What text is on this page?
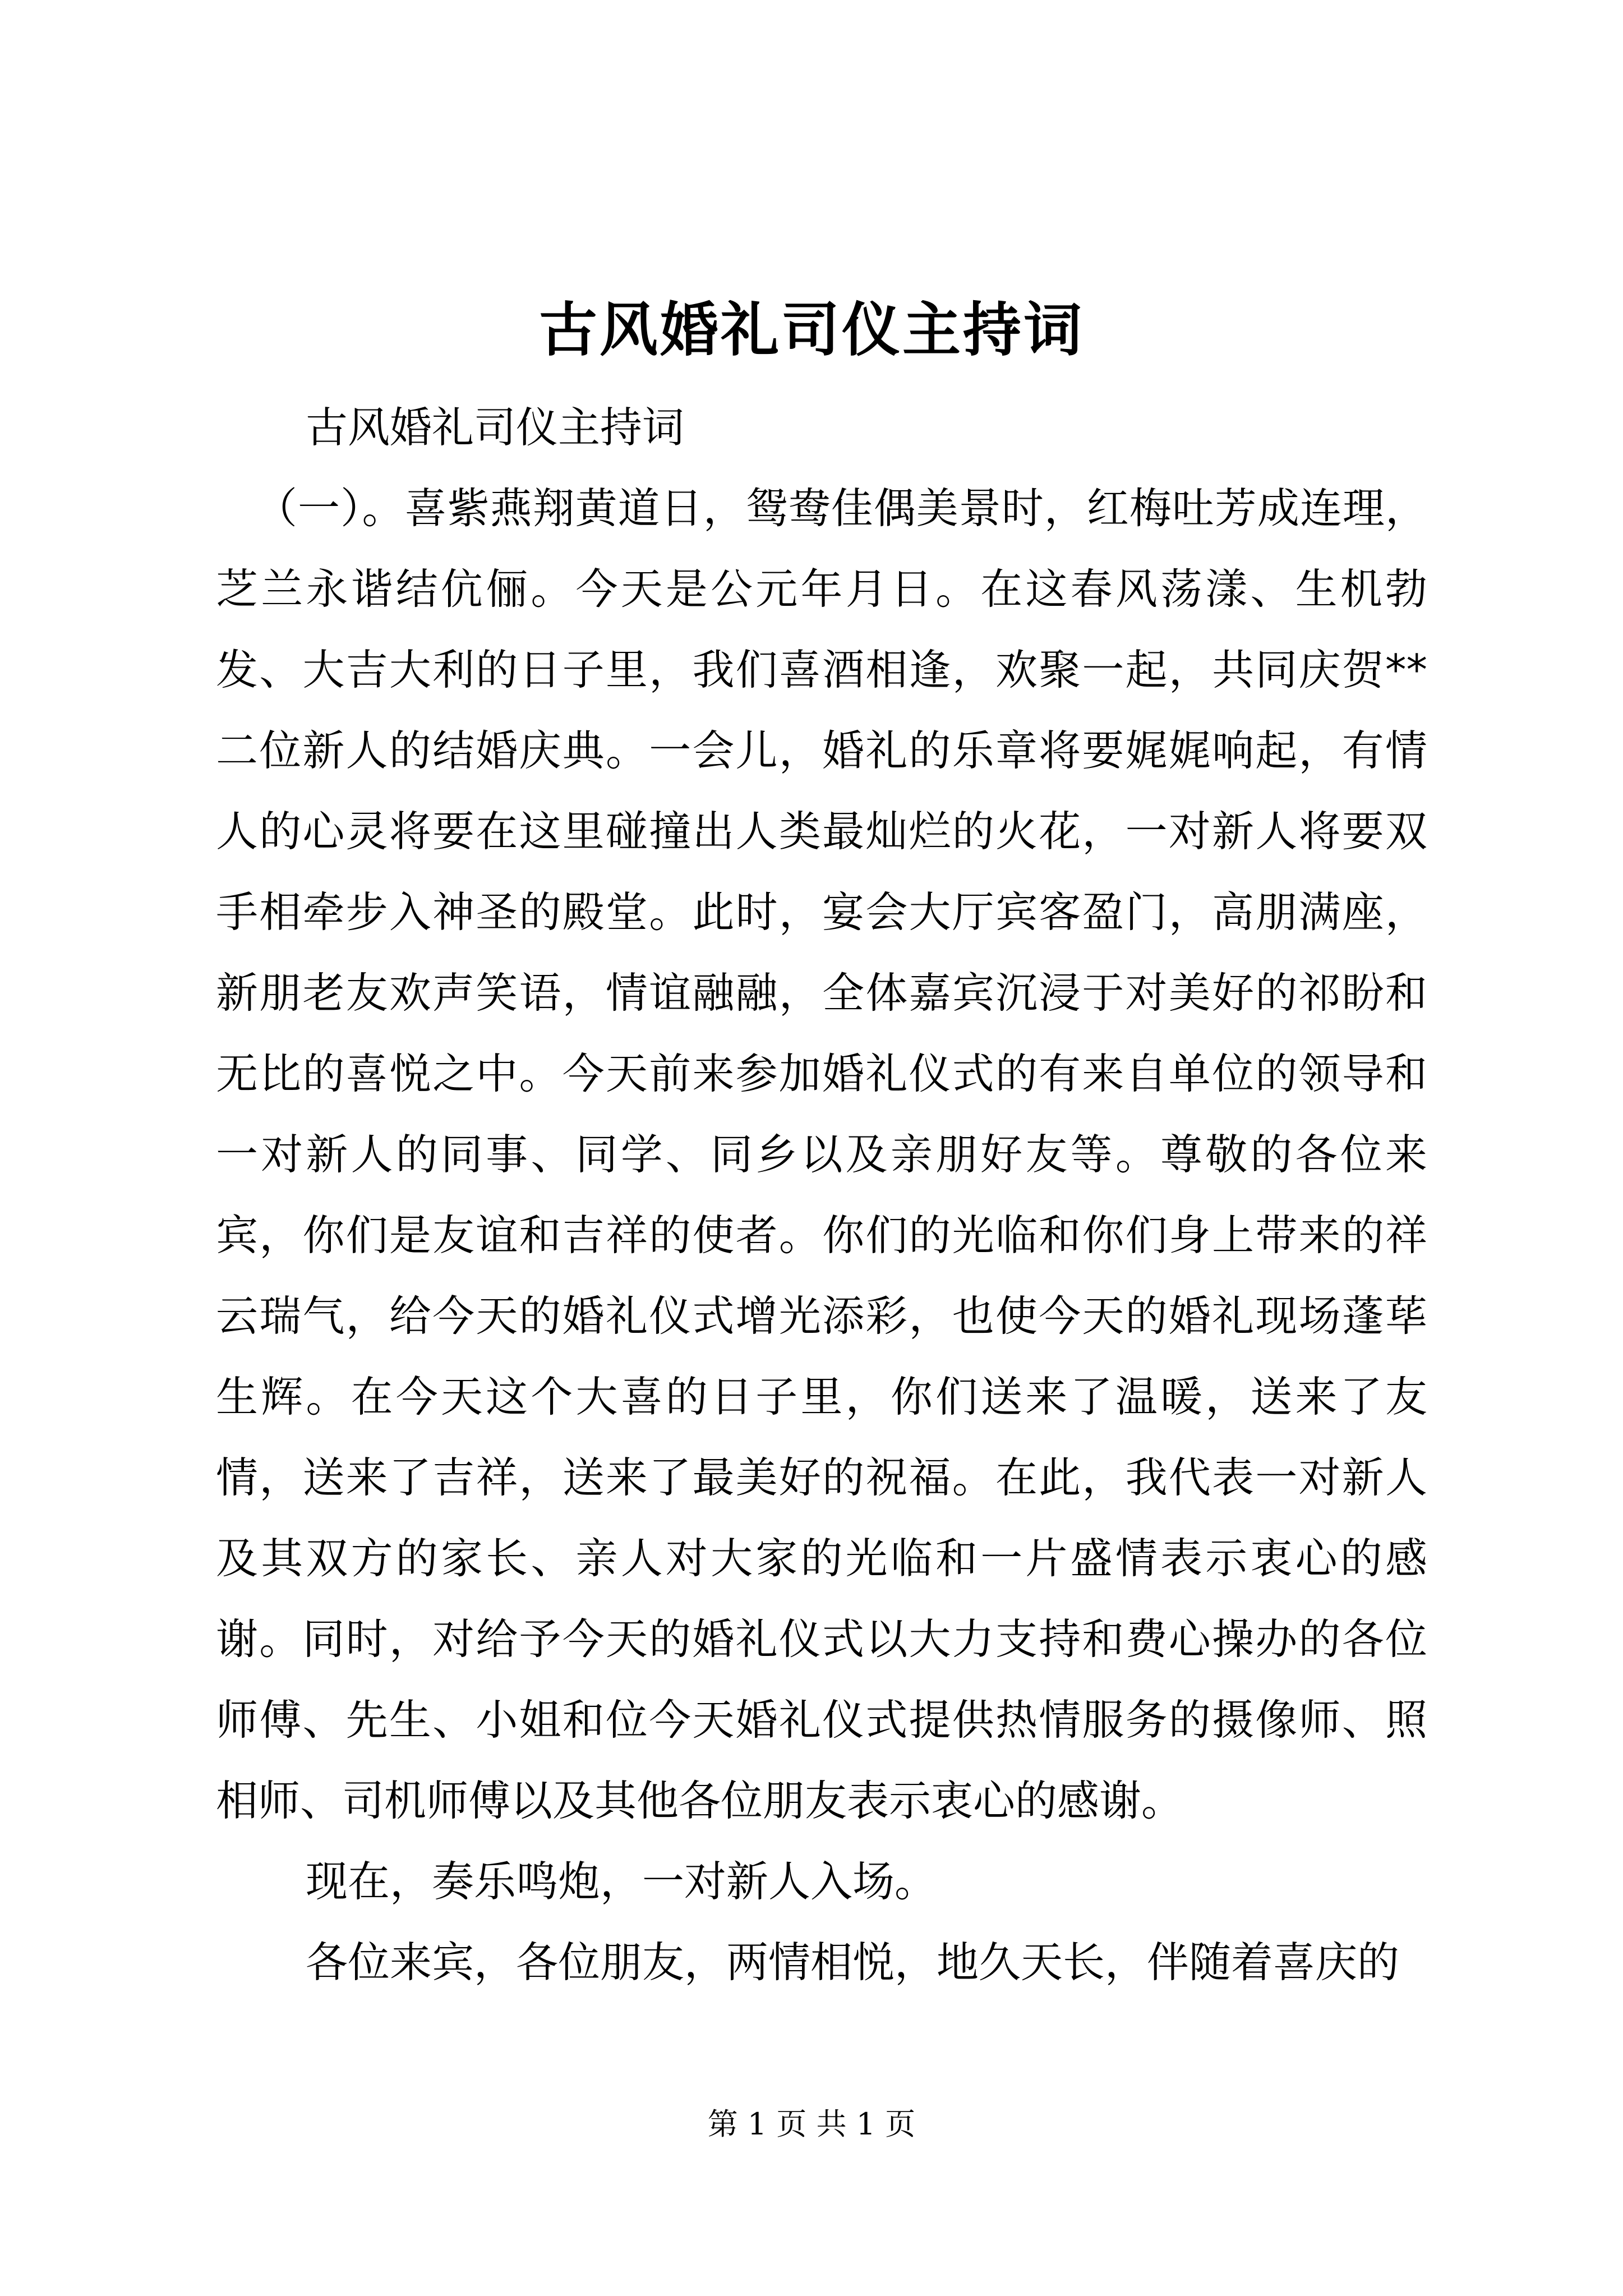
古风婚礼司仪主持词

古风婚礼司仪主持词

（一）。喜紫燕翔黄道日，鸳鸯佳偶美景时，红梅吐芳成连理，芝兰永谐结伉俪。今天是公元年月日。在这春风荡漾、生机勃发、大吉大利的日子里，我们喜酒相逢，欢聚一起，共同庆贺**二位新人的结婚庆典。一会儿，婚礼的乐章将要娓娓响起，有情人的心灵将要在这里碰撞出人类最灿烂的火花，一对新人将要双手相牵步入神圣的殿堂。此时，宴会大厅宾客盈门，高朋满座，新朋老友欢声笑语，情谊融融，全体嘉宾沉浸于对美好的祁盼和无比的喜悦之中。今天前来参加婚礼仪式的有来自单位的领导和一对新人的同事、同学、同乡以及亲朋好友等。尊敬的各位来宾，你们是友谊和吉祥的使者。你们的光临和你们身上带来的祥云瑞气，给今天的婚礼仪式增光添彩，也使今天的婚礼现场蓬荜生辉。在今天这个大喜的日子里，你们送来了温暖，送来了友情，送来了吉祥，送来了最美好的祝福。在此，我代表一对新人及其双方的家长、亲人对大家的光临和一片盛情表示衷心的感谢。同时，对给予今天的婚礼仪式以大力支持和费心操办的各位师傅、先生、小姐和位今天婚礼仪式提供热情服务的摄像师、照相师、司机师傅以及其他各位朋友表示衷心的感谢。

现在，奏乐鸣炮，一对新人入场。

各位来宾，各位朋友，两情相悦，地久天长，伴随着喜庆的

第 1 页 共 1 页
